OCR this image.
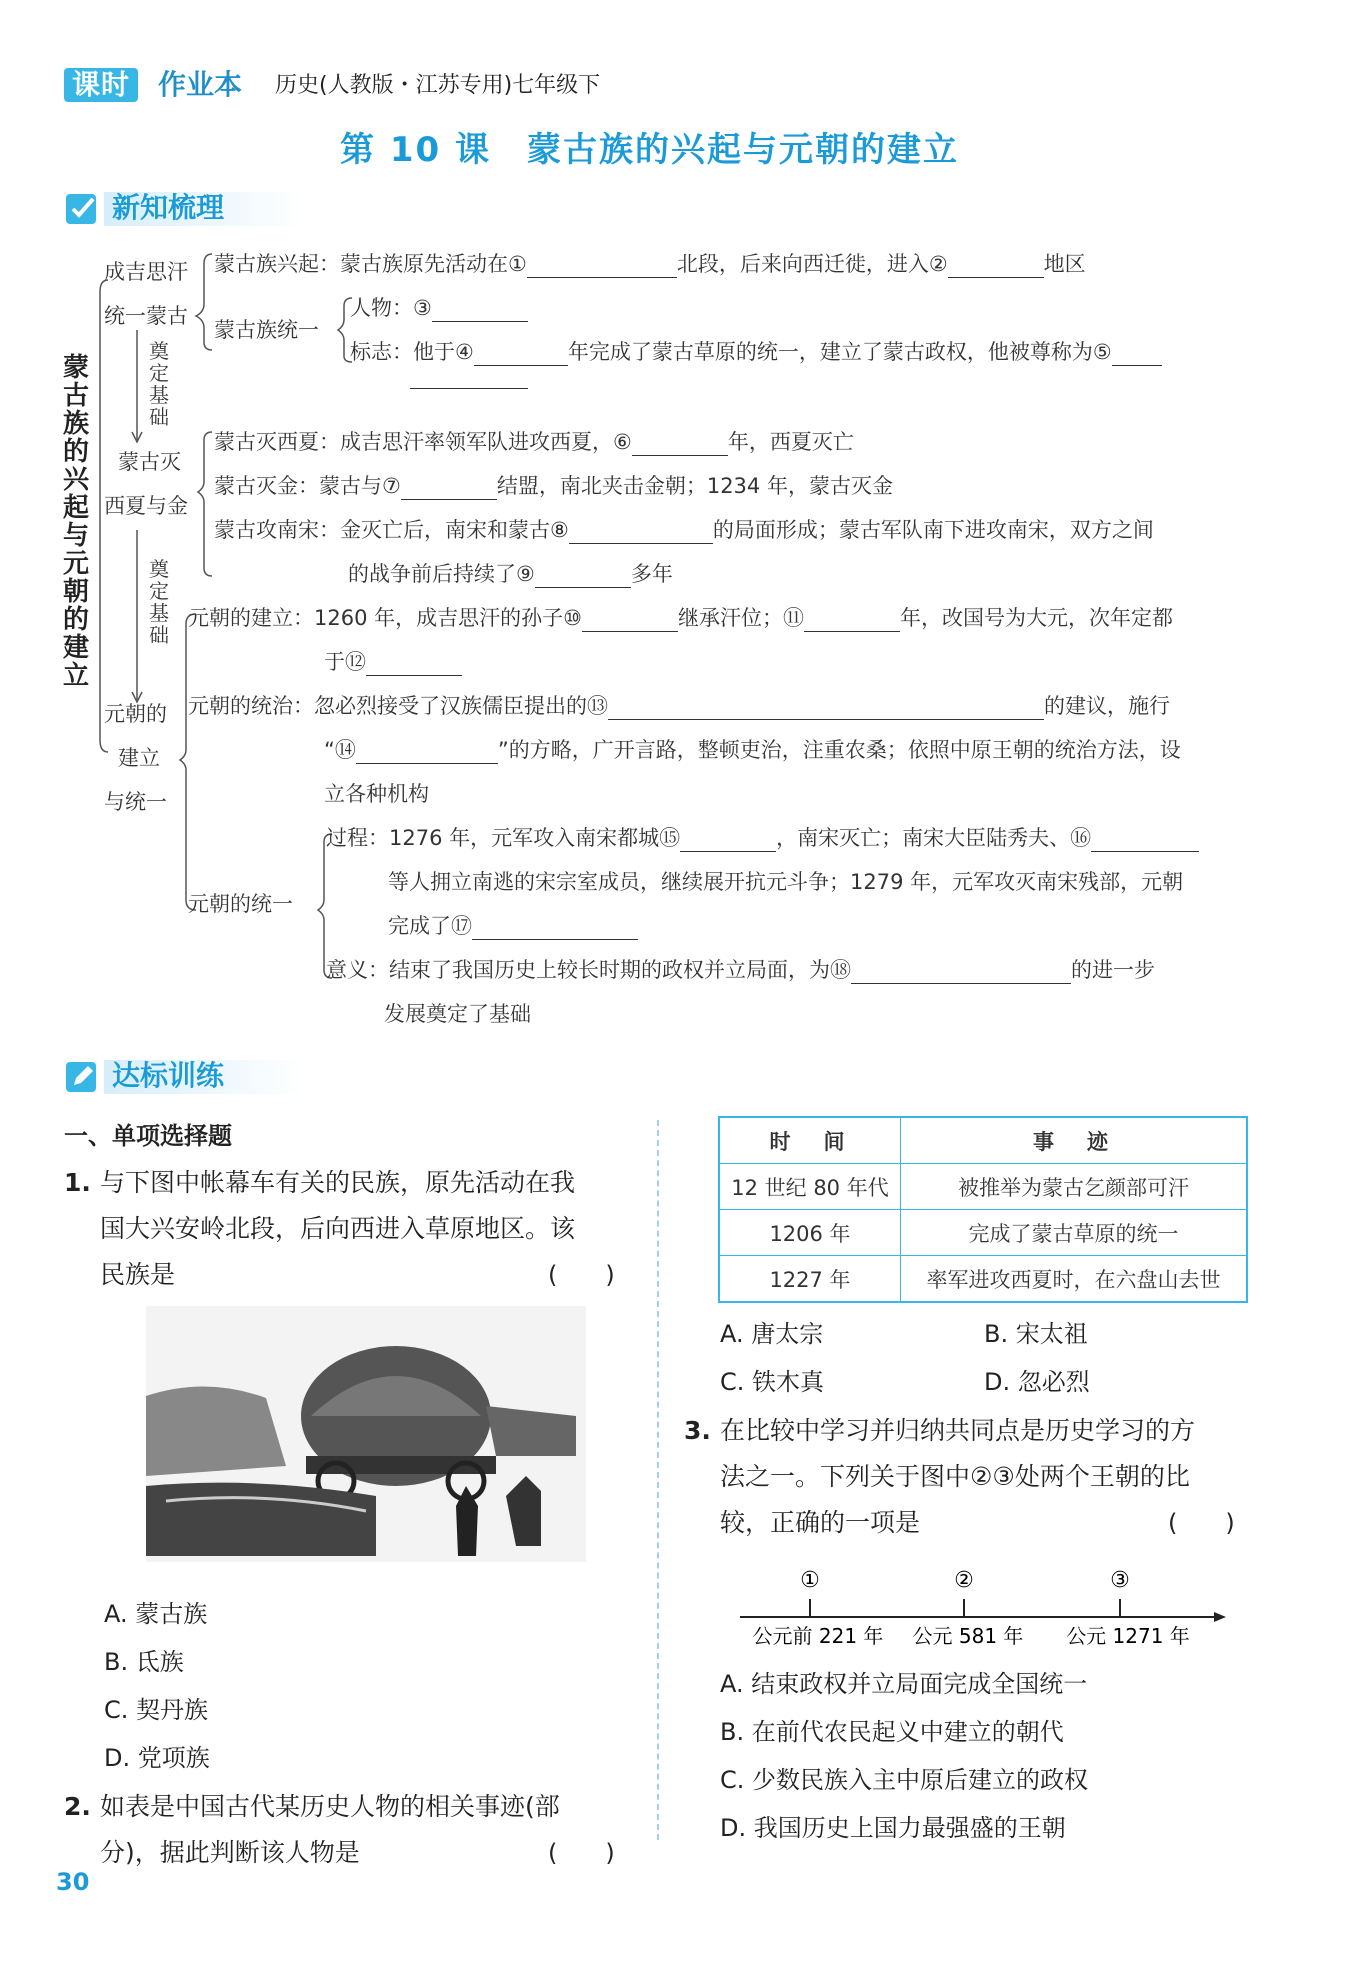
课时 作业本 历史(人教版・江苏专用)七年级下
第 10 课　蒙古族的兴起与元朝的建立
新知梳理
蒙古族的兴起与元朝的建立
成吉思汗
统一蒙古
奠定基础
蒙古灭
西夏与金
奠定基础
元朝的
建立
与统一
蒙古族兴起：蒙古族原先活动在①	北段，后来向西迁徙，进入②	地区
蒙古族统一
人物：③
标志：他于④	年完成了蒙古草原的统一，建立了蒙古政权，他被尊称为⑤
蒙古灭西夏：成吉思汗率领军队进攻西夏，⑥	年，西夏灭亡
蒙古灭金：蒙古与⑦	结盟，南北夹击金朝；1234 年，蒙古灭金
蒙古攻南宋：金灭亡后，南宋和蒙古⑧	的局面形成；蒙古军队南下进攻南宋，双方之间
的战争前后持续了⑨	多年
元朝的建立：1260 年，成吉思汗的孙子⑩	继承汗位；⑪	年，改国号为大元，次年定都
于⑫
元朝的统治：忽必烈接受了汉族儒臣提出的⑬	的建议，施行
“⑭	”的方略，广开言路，整顿吏治，注重农桑；依照中原王朝的统治方法，设
立各种机构
元朝的统一
过程：1276 年，元军攻入南宋都城⑮	，南宋灭亡；南宋大臣陆秀夫、⑯
等人拥立南逃的宋宗室成员，继续展开抗元斗争；1279 年，元军攻灭南宋残部，元朝
完成了⑰
意义：结束了我国历史上较长时期的政权并立局面，为⑱	的进一步
发展奠定了基础
达标训练
一、单项选择题
1. 与下图中帐幕车有关的民族，原先活动在我
国大兴安岭北段，后向西进入草原地区。该
民族是	(　　)
A. 蒙古族
B. 氐族
C. 契丹族
D. 党项族
2. 如表是中国古代某历史人物的相关事迹(部
分)，据此判断该人物是	(　　)
时　间	事　迹
12 世纪 80 年代	被推举为蒙古乞颜部可汗
1206 年	完成了蒙古草原的统一
1227 年	率军进攻西夏时，在六盘山去世
A. 唐太宗	B. 宋太祖
C. 铁木真	D. 忽必烈
3. 在比较中学习并归纳共同点是历史学习的方
法之一。下列关于图中②③处两个王朝的比
较，正确的一项是	(　　)
①	②	③
公元前 221 年 公元 581 年 公元 1271 年
A. 结束政权并立局面完成全国统一
B. 在前代农民起义中建立的朝代
C. 少数民族入主中原后建立的政权
D. 我国历史上国力最强盛的王朝
30
